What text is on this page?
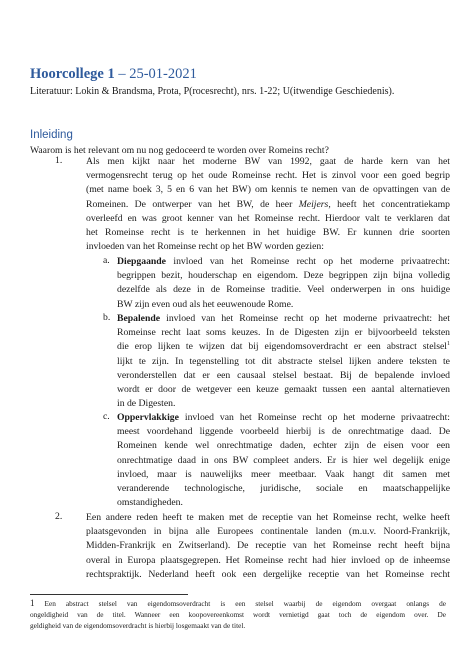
Hoorcollege 1 – 25-01-2021
Literatuur: Lokin & Brandsma, Prota, P(rocesrecht), nrs. 1-22; U(itwendige Geschiedenis).
Inleiding
Waarom is het relevant om nu nog gedoceerd te worden over Romeins recht?
1. Als men kijkt naar het moderne BW van 1992, gaat de harde kern van het
vermogensrecht terug op het oude Romeinse recht. Het is zinvol voor een goed begrip
(met name boek 3, 5 en 6 van het BW) om kennis te nemen van de opvattingen van de
Romeinen. De ontwerper van het BW, de heer Meijers, heeft het concentratiekamp
overleefd en was groot kenner van het Romeinse recht. Hierdoor valt te verklaren dat
het Romeinse recht is te herkennen in het huidige BW. Er kunnen drie soorten
invloeden van het Romeinse recht op het BW worden gezien:
a. Diepgaande invloed van het Romeinse recht op het moderne privaatrecht:
begrippen bezit, houderschap en eigendom. Deze begrippen zijn bijna volledig
dezelfde als deze in de Romeinse traditie. Veel onderwerpen in ons huidige
BW zijn even oud als het eeuwenoude Rome.
b. Bepalende invloed van het Romeinse recht op het moderne privaatrecht: het
Romeinse recht laat soms keuzes. In de Digesten zijn er bijvoorbeeld teksten
die erop lijken te wijzen dat bij eigendomsoverdracht er een abstract stelsel$^1$
lijkt te zijn. In tegenstelling tot dit abstracte stelsel lijken andere teksten te
veronderstellen dat er een causaal stelsel bestaat. Bij de bepalende invloed
wordt er door de wetgever een keuze gemaakt tussen een aantal alternatieven
in de Digesten.
c. Oppervlakkige invloed van het Romeinse recht op het moderne privaatrecht:
meest voordehand liggende voorbeeld hierbij is de onrechtmatige daad. De
Romeinen kende wel onrechtmatige daden, echter zijn de eisen voor een
onrechtmatige daad in ons BW compleet anders. Er is hier wel degelijk enige
invloed, maar is nauwelijks meer meetbaar. Vaak hangt dit samen met
veranderende technologische, juridische, sociale en maatschappelijke
omstandigheden.
2. Een andere reden heeft te maken met de receptie van het Romeinse recht, welke heeft
plaatsgevonden in bijna alle Europees continentale landen (m.u.v. Noord-Frankrijk,
Midden-Frankrijk en Zwitserland). De receptie van het Romeinse recht heeft bijna
overal in Europa plaatsgegrepen. Het Romeinse recht had hier invloed op de inheemse
rechtspraktijk. Nederland heeft ook een dergelijke receptie van het Romeinse recht
1 Een abstract stelsel van eigendomsoverdracht is een stelsel waarbij de eigendom overgaat onlangs de
ongeldigheid van de titel. Wanneer een koopovereenkomst wordt vernietigd gaat toch de eigendom over. De
geldigheid van de eigendomsoverdracht is hierbij losgemaakt van de titel.
